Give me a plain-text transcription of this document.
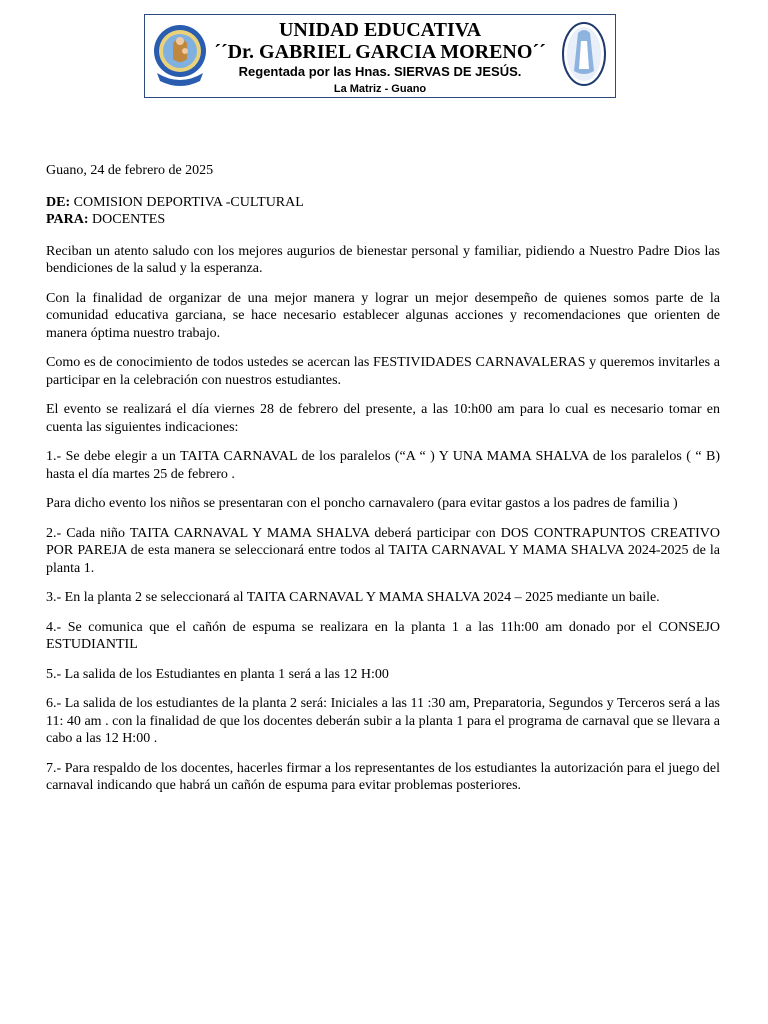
UNIDAD EDUCATIVA
´´Dr. GABRIEL GARCIA MORENO´´
Regentada por las Hnas. SIERVAS DE JESÚS.
La Matriz - Guano

Guano, 24 de febrero de 2025

DE: COMISION DEPORTIVA -CULTURAL

PARA: DOCENTES

Reciban un atento saludo con los mejores augurios de bienestar personal y familiar, pidiendo a Nuestro Padre Dios las bendiciones de la salud y la esperanza.

Con la finalidad de organizar de una mejor manera y lograr un mejor desempeño de quienes somos parte de la comunidad educativa garciana, se hace necesario establecer algunas acciones y recomendaciones que orienten de manera óptima nuestro trabajo.

Como es de conocimiento de todos ustedes se acercan las FESTIVIDADES CARNAVALERAS y queremos invitarles a participar en la celebración con nuestros estudiantes.

El evento se realizará el día viernes 28 de febrero del presente, a las 10:h00 am para lo cual es necesario tomar en cuenta las siguientes indicaciones:

1.- Se debe elegir a un TAITA CARNAVAL de los paralelos (“A “ ) Y UNA MAMA SHALVA de los paralelos ( “ B) hasta el día martes 25 de febrero .

Para dicho evento los niños se presentaran con el poncho carnavalero (para evitar gastos a los padres de familia )

2.- Cada niño TAITA CARNAVAL Y MAMA SHALVA deberá participar con DOS CONTRAPUNTOS CREATIVO POR PAREJA de esta manera se seleccionará entre todos al TAITA CARNAVAL Y MAMA SHALVA 2024-2025 de la planta 1.

3.- En la planta 2 se seleccionará al TAITA CARNAVAL Y MAMA SHALVA 2024 – 2025 mediante un baile.

4.- Se comunica que el cañón de espuma se realizara en la planta 1 a las 11h:00 am donado por el CONSEJO ESTUDIANTIL

5.- La salida de los Estudiantes en planta 1 será a las 12 H:00

6.- La salida de los estudiantes de la planta 2 será: Iniciales a las 11 :30 am, Preparatoria, Segundos y Terceros será a las 11: 40 am . con la finalidad de que los docentes deberán subir a la planta 1 para el programa de carnaval que se llevara a cabo a las 12 H:00 .

7.- Para respaldo de los docentes, hacerles firmar a los representantes de los estudiantes la autorización para el juego del carnaval indicando que habrá un cañón de espuma para evitar problemas posteriores.
